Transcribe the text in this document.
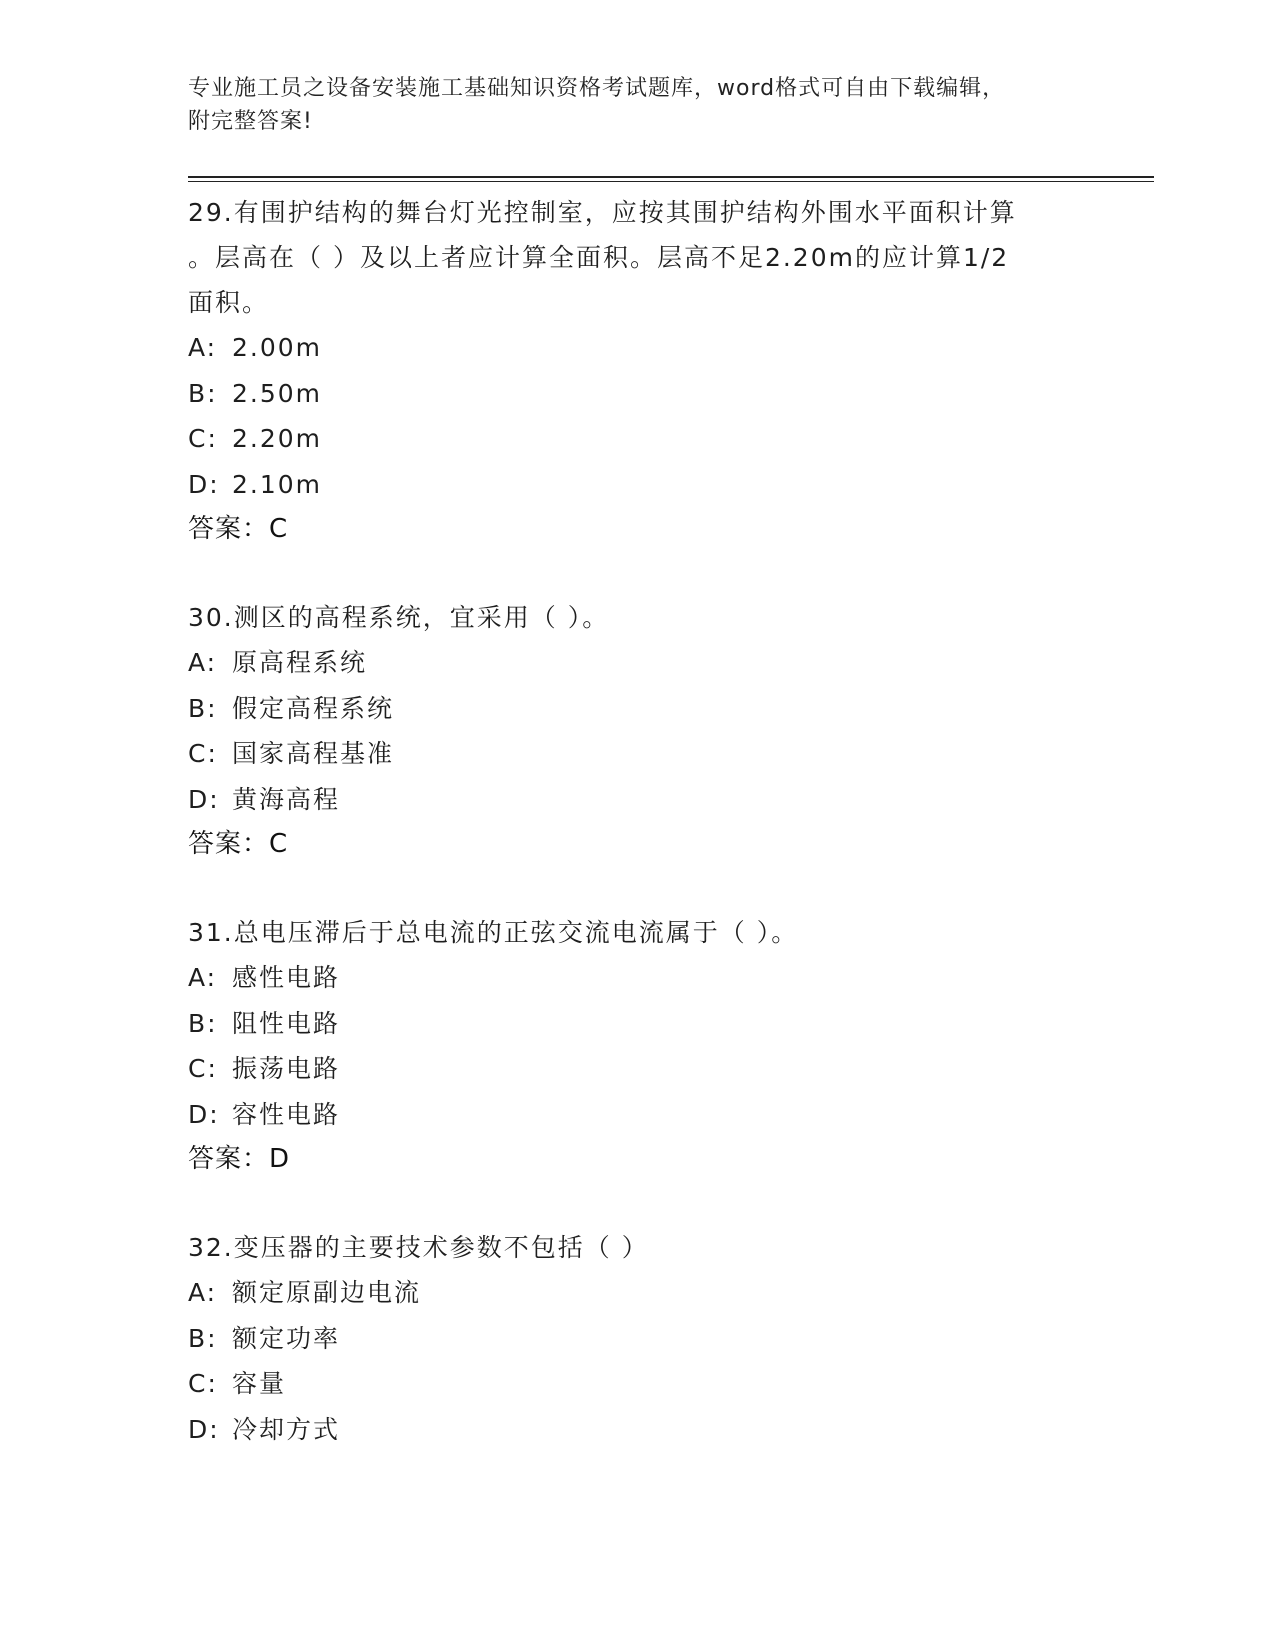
专业施工员之设备安装施工基础知识资格考试题库，word格式可自由下载编辑，
附完整答案!

29.有围护结构的舞台灯光控制室，应按其围护结构外围水平面积计算

。层高在（ ）及以上者应计算全面积。层高不足2.20m的应计算1/2

面积。

A: 2.00m

B: 2.50m

C: 2.20m

D: 2.10m

答案：C

30.测区的高程系统，宜采用（ ）。

A: 原高程系统

B: 假定高程系统

C: 国家高程基准

D: 黄海高程

答案：C

31.总电压滞后于总电流的正弦交流电流属于（ ）。

A: 感性电路

B: 阻性电路

C: 振荡电路

D: 容性电路

答案：D

32.变压器的主要技术参数不包括（ ）

A: 额定原副边电流

B: 额定功率

C: 容量

D: 冷却方式
